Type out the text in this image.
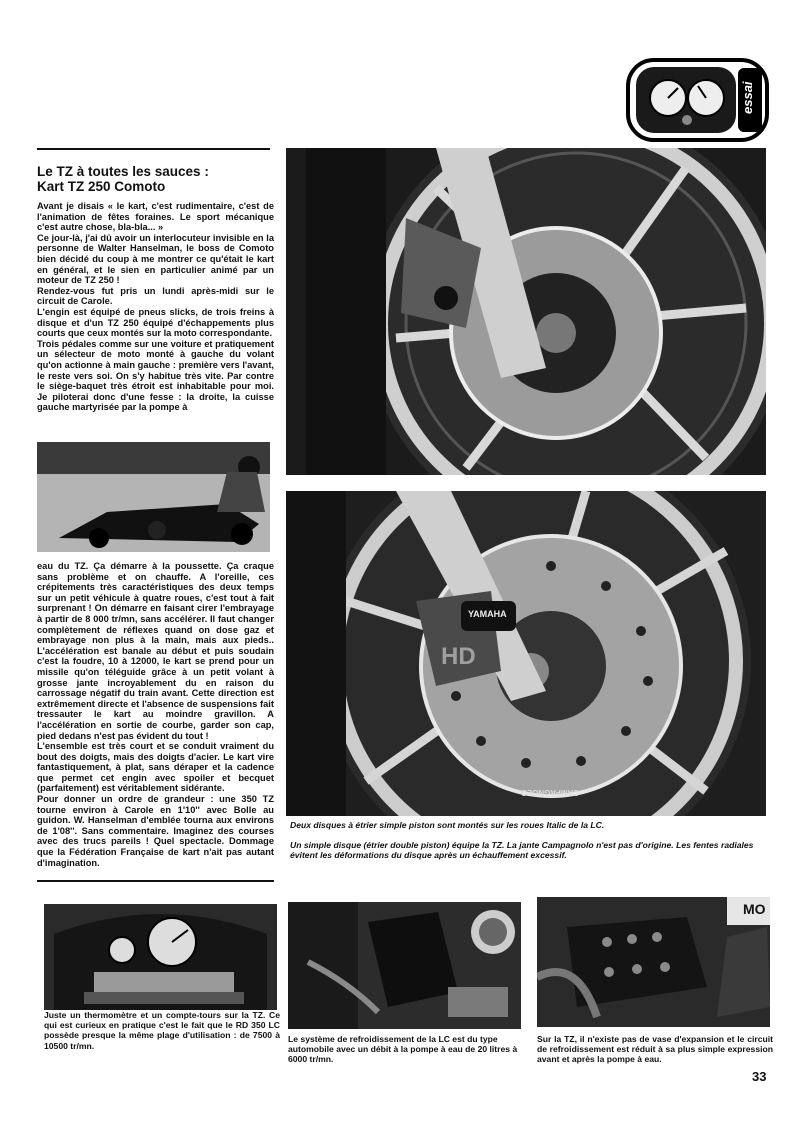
essai
Le TZ à toutes les sauces :
Kart TZ 250 Comoto

Avant je disais « le kart, c'est rudimentaire, c'est de l'animation de fêtes foraines. Le sport mécanique c'est autre chose, bla-bla... »

Ce jour-là, j'ai dû avoir un interlocuteur invisible en la personne de Walter Hanselman, le boss de Comoto bien décidé du coup à me montrer ce qu'était le kart en général, et le sien en particulier animé par un moteur de TZ 250 !

Rendez-vous fut pris un lundi après-midi sur le circuit de Carole.

L'engin est équipé de pneus slicks, de trois freins à disque et d'un TZ 250 équipé d'échappements plus courts que ceux montés sur la moto correspondante.

Trois pédales comme sur une voiture et pratiquement un sélecteur de moto monté à gauche du volant qu'on actionne à main gauche : première vers l'avant, le reste vers soi. On s'y habitue très vite. Par contre le siège-baquet très étroit est inhabitable pour moi. Je piloterai donc d'une fesse : la droite, la cuisse gauche martyrisée par la pompe à

eau du TZ. Ça démarre à la poussette. Ça craque sans problème et on chauffe. A l'oreille, ces crépitements très caractéristiques des deux temps sur un petit véhicule à quatre roues, c'est tout à fait surprenant ! On démarre en faisant cirer l'embrayage à partir de 8 000 tr/mn, sans accélérer. Il faut changer complètement de réflexes quand on dose gaz et embrayage non plus à la main, mais aux pieds.. L'accélération est banale au début et puis soudain c'est la foudre, 10 à 12000, le kart se prend pour un missile qu'on téléguide grâce à un petit volant à grosse jante incroyablement du en raison du carrossage négatif du train avant. Cette direction est extrêmement directe et l'absence de suspensions fait tressauter le kart au moindre gravillon. A l'accélération en sortie de courbe, garder son cap, pied dedans n'est pas évident du tout !

L'ensemble est très court et se conduit vraiment du bout des doigts, mais des doigts d'acier. Le kart vire fantastiquement, à plat, sans déraper et la cadence que permet cet engin avec spoiler et becquet (parfaitement) est véritablement sidérante.

Pour donner un ordre de grandeur : une 350 TZ tourne environ à Carole en 1'10'' avec Bolle au guidon. W. Hanselman d'emblée tourna aux environs de 1'08''. Sans commentaire. Imaginez des courses avec des trucs pareils ! Quel spectacle. Dommage que la Fédération Française de kart n'ait pas autant d'imagination.

YAMAHA
CAMPAGNOLO
HD
Deux disques à étrier simple piston sont montés sur les roues Italic de la LC.
Un simple disque (étrier double piston) équipe la TZ. La jante Campagnolo n'est pas d'origine. Les fentes radiales évitent les déformations du disque après un échauffement excessif.
Juste un thermomètre et un compte-tours sur la TZ. Ce qui est curieux en pratique c'est le fait que le RD 350 LC possède presque la même plage d'utilisation : de 7500 à 10500 tr/mn.
Le système de refroidissement de la LC est du type automobile avec un débit à la pompe à eau de 20 litres à 6000 tr/mn.
MO
Sur la TZ, il n'existe pas de vase d'expansion et le circuit de refroidissement est réduit à sa plus simple expression avant et après la pompe à eau.
33
